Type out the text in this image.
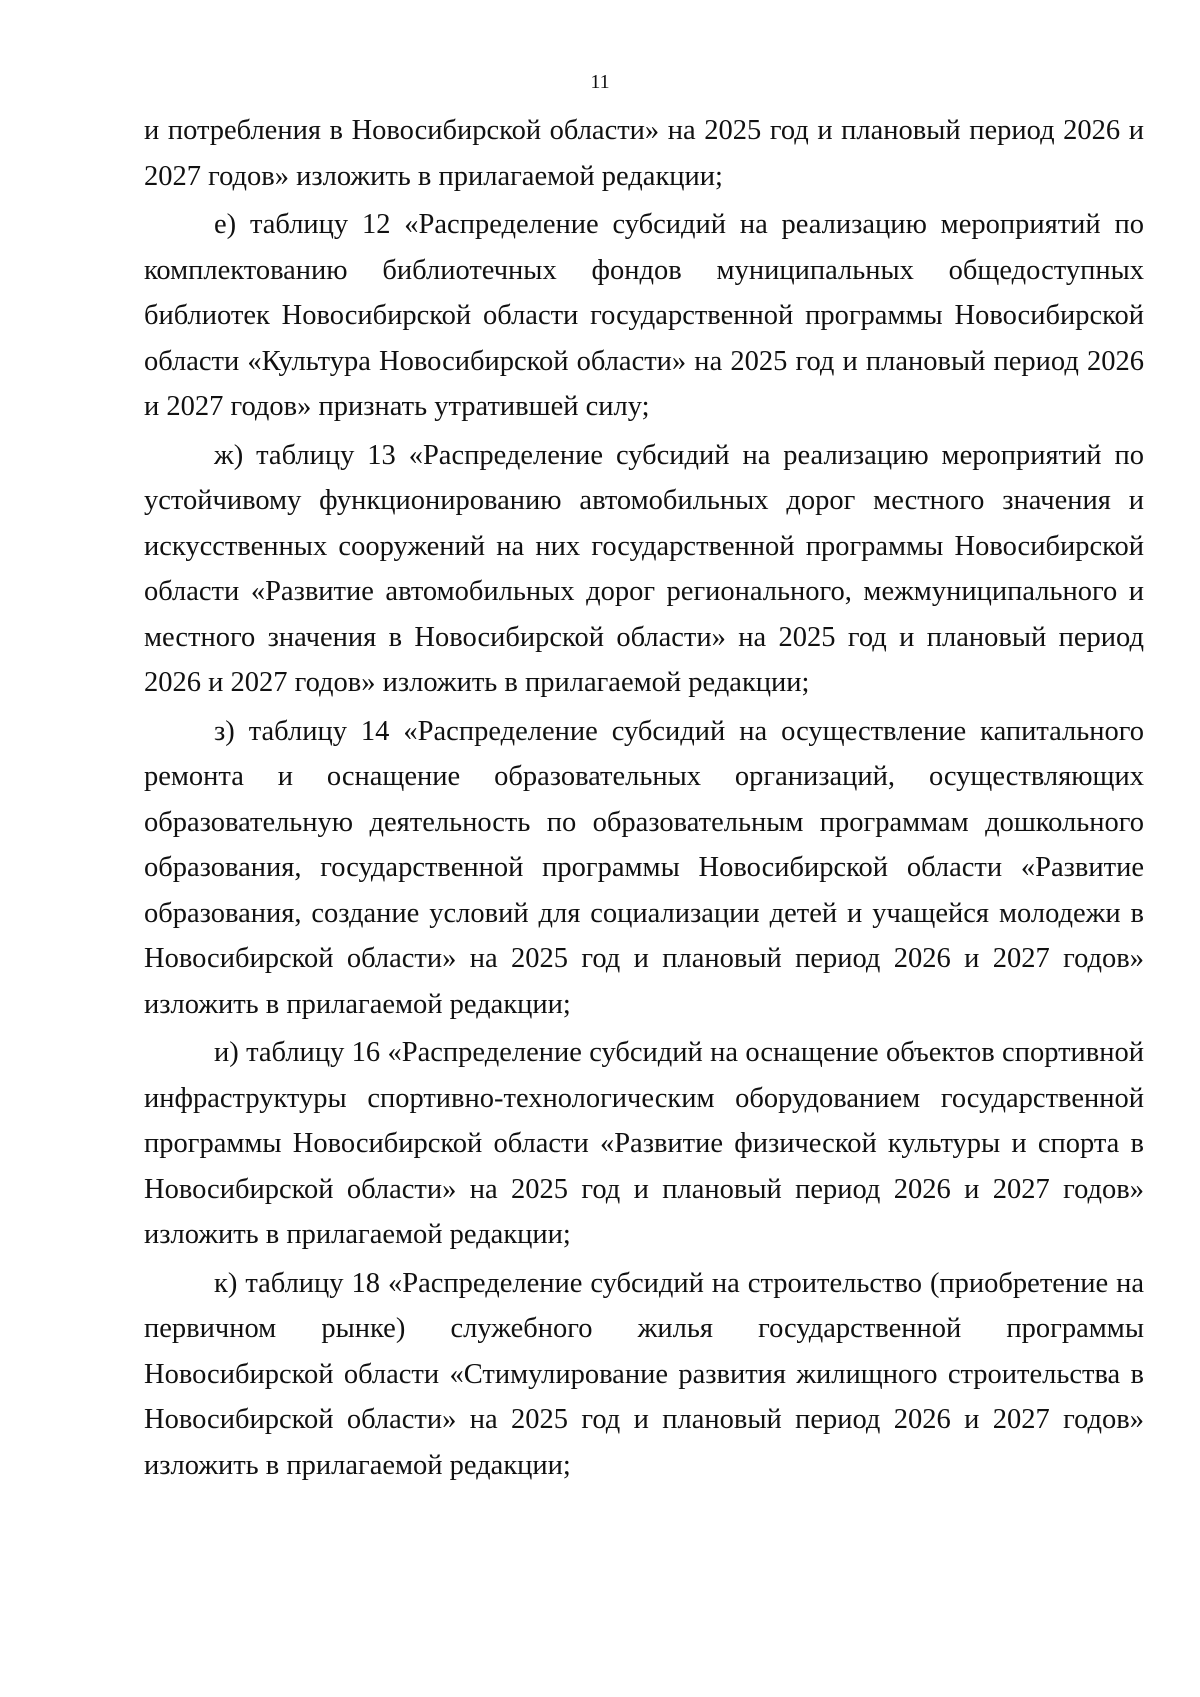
11

и потребления в Новосибирской области» на 2025 год и плановый период 2026 и 2027 годов» изложить в прилагаемой редакции;

е) таблицу 12 «Распределение субсидий на реализацию мероприятий по комплектованию библиотечных фондов муниципальных общедоступных библиотек Новосибирской области государственной программы Новосибирской области «Культура Новосибирской области» на 2025 год и плановый период 2026 и 2027 годов» признать утратившей силу;

ж) таблицу 13 «Распределение субсидий на реализацию мероприятий по устойчивому функционированию автомобильных дорог местного значения и искусственных сооружений на них государственной программы Новосибирской области «Развитие автомобильных дорог регионального, межмуниципального и местного значения в Новосибирской области» на 2025 год и плановый период 2026 и 2027 годов» изложить в прилагаемой редакции;

з) таблицу 14 «Распределение субсидий на осуществление капитального ремонта и оснащение образовательных организаций, осуществляющих образовательную деятельность по образовательным программам дошкольного образования, государственной программы Новосибирской области «Развитие образования, создание условий для социализации детей и учащейся молодежи в Новосибирской области» на 2025 год и плановый период 2026 и 2027 годов» изложить в прилагаемой редакции;

и) таблицу 16 «Распределение субсидий на оснащение объектов спортивной инфраструктуры спортивно-технологическим оборудованием государственной программы Новосибирской области «Развитие физической культуры и спорта в Новосибирской области» на 2025 год и плановый период 2026 и 2027 годов» изложить в прилагаемой редакции;

к) таблицу 18 «Распределение субсидий на строительство (приобретение на первичном рынке) служебного жилья государственной программы Новосибирской области «Стимулирование развития жилищного строительства в Новосибирской области» на 2025 год и плановый период 2026 и 2027 годов» изложить в прилагаемой редакции;
